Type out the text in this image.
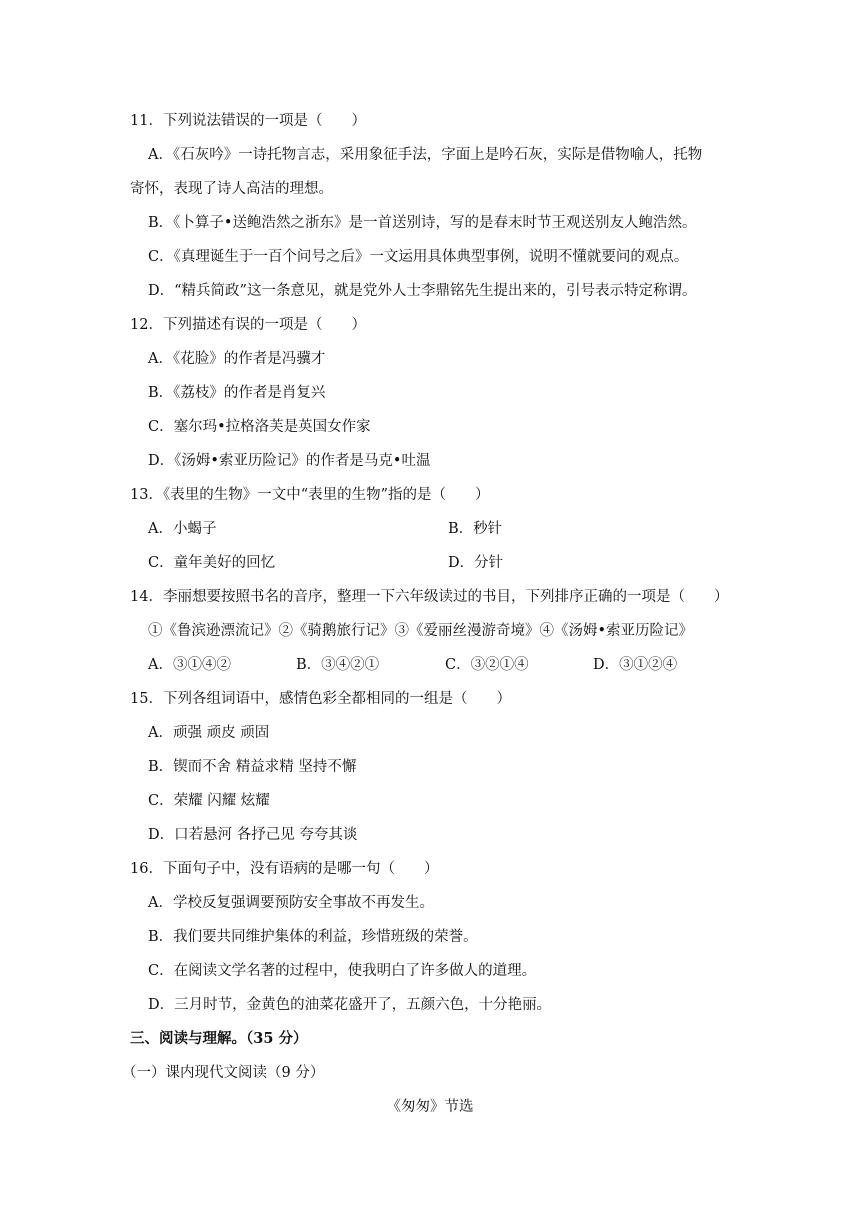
11．下列说法错误的一项是（　　）
A．《石灰吟》一诗托物言志，采用象征手法，字面上是吟石灰，实际是借物喻人，托物
寄怀，表现了诗人高洁的理想。
B．《卜算子•送鲍浩然之浙东》是一首送别诗，写的是春末时节王观送别友人鲍浩然。
C．《真理诞生于一百个问号之后》一文运用具体典型事例，说明不懂就要问的观点。
D．“精兵简政”这一条意见，就是党外人士李鼎铭先生提出来的，引号表示特定称谓。
12．下列描述有误的一项是（　　）
A．《花脸》的作者是冯骥才
B．《荔枝》的作者是肖复兴
C．塞尔玛•拉格洛芙是英国女作家
D．《汤姆•索亚历险记》的作者是马克•吐温
13．《表里的生物》一文中“表里的生物”指的是（　　）
A．小蝎子	B．秒针
C．童年美好的回忆	D．分针
14．李丽想要按照书名的音序，整理一下六年级读过的书目，下列排序正确的一项是（　　）
①《鲁滨逊漂流记》②《骑鹅旅行记》③《爱丽丝漫游奇境》④《汤姆•索亚历险记》
A．③①④②	B．③④②①	C．③②①④	D．③①②④
15．下列各组词语中，感情色彩全都相同的一组是（　　）
A．顽强 顽皮 顽固
B．锲而不舍 精益求精 坚持不懈
C．荣耀 闪耀 炫耀
D．口若悬河 各抒己见 夸夸其谈
16．下面句子中，没有语病的是哪一句（　　）
A．学校反复强调要预防安全事故不再发生。
B．我们要共同维护集体的利益，珍惜班级的荣誉。
C．在阅读文学名著的过程中，使我明白了许多做人的道理。
D．三月时节，金黄色的油菜花盛开了，五颜六色，十分艳丽。
三、阅读与理解。（35 分）
（一）课内现代文阅读（9 分）
《匆匆》节选
